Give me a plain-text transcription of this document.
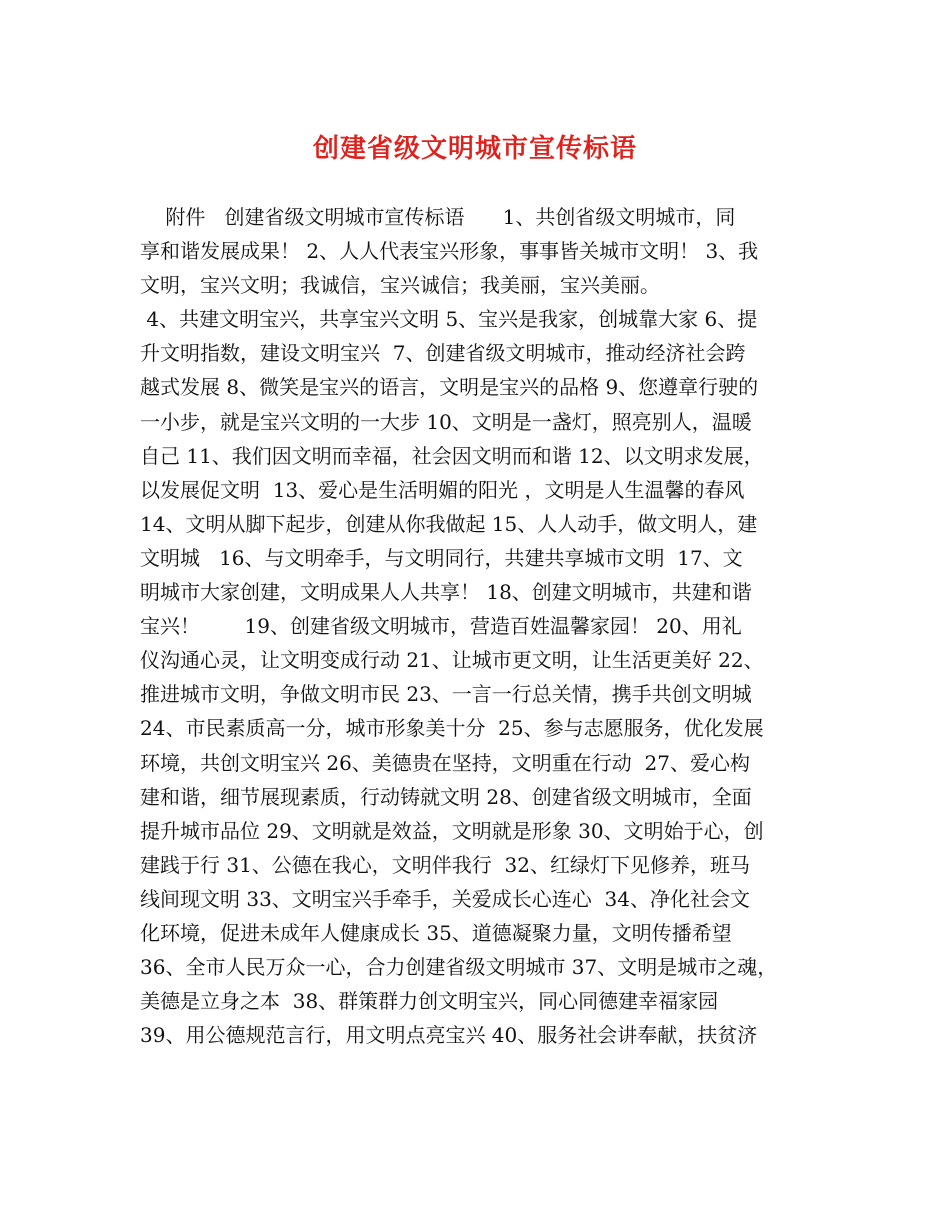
创建省级文明城市宣传标语
附件   创建省级文明城市宣传标语      1、共创省级文明城市，同
享和谐发展成果！ 2、人人代表宝兴形象，事事皆关城市文明！ 3、我
文明，宝兴文明；我诚信，宝兴诚信；我美丽，宝兴美丽。
4、共建文明宝兴，共享宝兴文明 5、宝兴是我家，创城靠大家 6、提
升文明指数，建设文明宝兴  7、创建省级文明城市，推动经济社会跨
越式发展 8、微笑是宝兴的语言，文明是宝兴的品格 9、您遵章行驶的
一小步，就是宝兴文明的一大步 10、文明是一盏灯，照亮别人，温暖
自己 11、我们因文明而幸福，社会因文明而和谐 12、以文明求发展，
以发展促文明  13、爱心是生活明媚的阳光 ，文明是人生温馨的春风
14、文明从脚下起步，创建从你我做起 15、人人动手，做文明人，建
文明城   16、与文明牵手，与文明同行，共建共享城市文明  17、文
明城市大家创建，文明成果人人共享！ 18、创建文明城市，共建和谐
宝兴！       19、创建省级文明城市，营造百姓温馨家园！ 20、用礼
仪沟通心灵，让文明变成行动 21、让城市更文明，让生活更美好 22、
推进城市文明，争做文明市民 23、一言一行总关情，携手共创文明城
24、市民素质高一分，城市形象美十分  25、参与志愿服务，优化发展
环境，共创文明宝兴 26、美德贵在坚持，文明重在行动  27、爱心构
建和谐，细节展现素质，行动铸就文明 28、创建省级文明城市，全面
提升城市品位 29、文明就是效益，文明就是形象 30、文明始于心，创
建践于行 31、公德在我心，文明伴我行  32、红绿灯下见修养，班马
线间现文明 33、文明宝兴手牵手，关爱成长心连心  34、净化社会文
化环境，促进未成年人健康成长 35、道德凝聚力量，文明传播希望
36、全市人民万众一心，合力创建省级文明城市 37、文明是城市之魂，
美德是立身之本  38、群策群力创文明宝兴，同心同德建幸福家园
39、用公德规范言行，用文明点亮宝兴 40、服务社会讲奉献，扶贫济
